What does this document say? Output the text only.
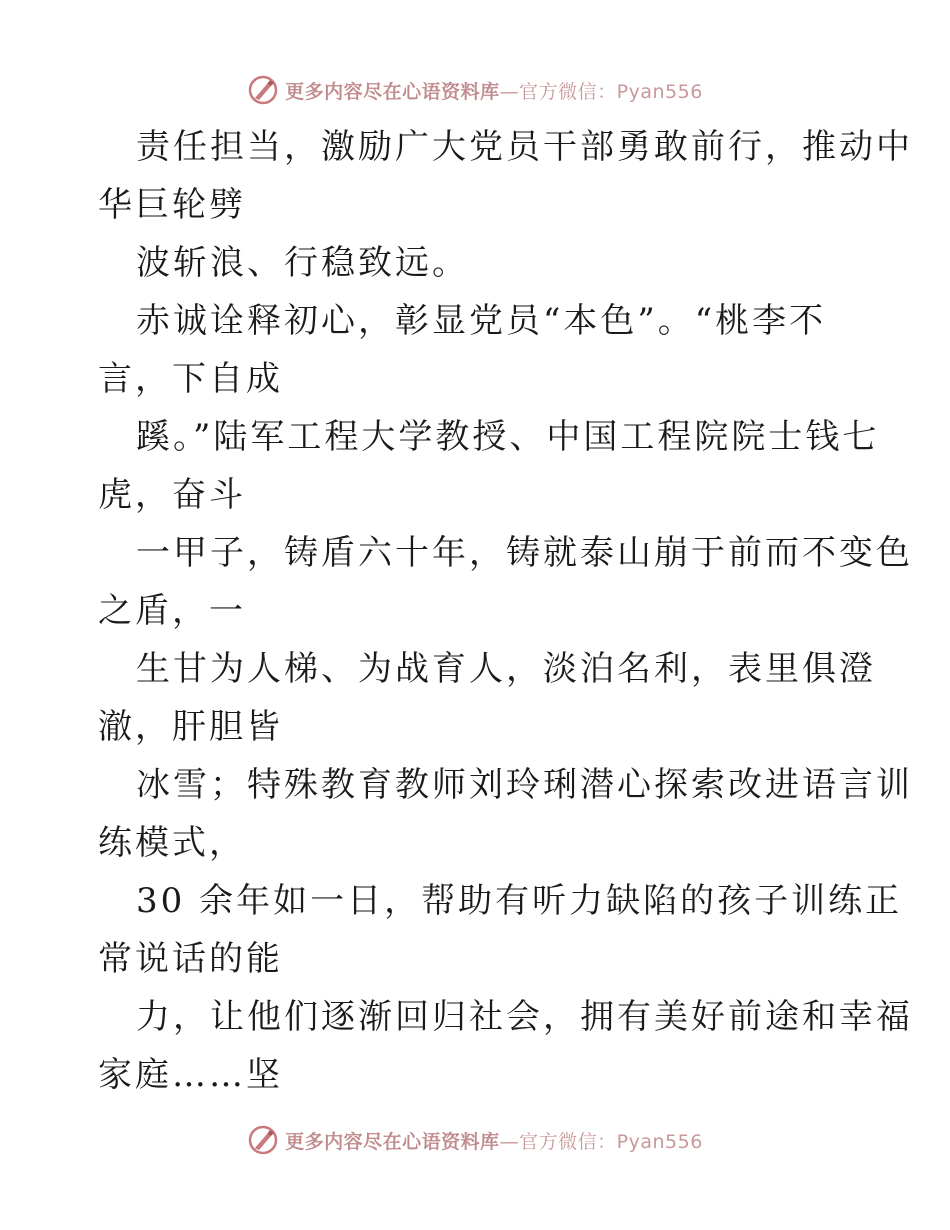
更多内容尽在心语资料库—官方微信：Pyan556
责任担当，激励广大党员干部勇敢前行，推动中
华巨轮劈
波斩浪、行稳致远。
赤诚诠释初心，彰显党员“本色”。“桃李不
言，下自成
蹊。”陆军工程大学教授、中国工程院院士钱七
虎，奋斗
一甲子，铸盾六十年，铸就泰山崩于前而不变色
之盾，一
生甘为人梯、为战育人，淡泊名利，表里俱澄
澈，肝胆皆
冰雪；特殊教育教师刘玲琍潜心探索改进语言训
练模式，
30 余年如一日，帮助有听力缺陷的孩子训练正
常说话的能
力，让他们逐渐回归社会，拥有美好前途和幸福
家庭……坚
更多内容尽在心语资料库—官方微信：Pyan556
